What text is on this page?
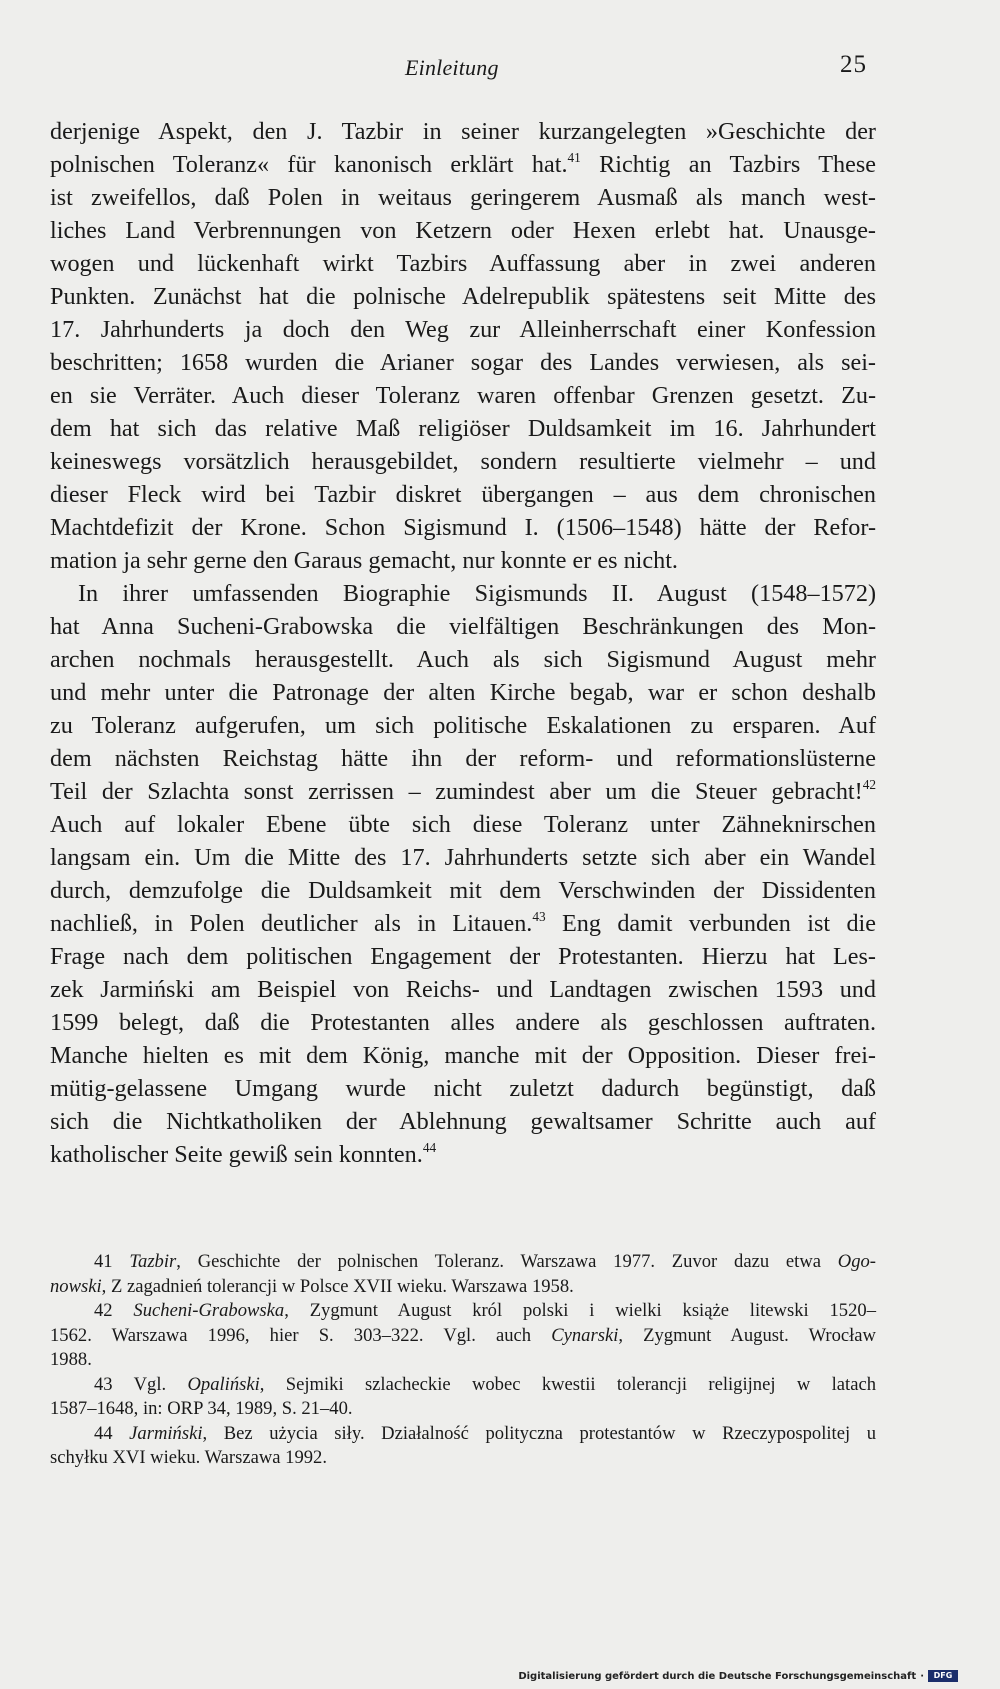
Einleitung	25
derjenige Aspekt, den J. Tazbir in seiner kurzangelegten »Geschichte der
polnischen Toleranz« für kanonisch erklärt hat.$^{41}$ Richtig an Tazbirs These
ist zweifellos, daß Polen in weitaus geringerem Ausmaß als manch west-
liches Land Verbrennungen von Ketzern oder Hexen erlebt hat. Unausge-
wogen und lückenhaft wirkt Tazbirs Auffassung aber in zwei anderen
Punkten. Zunächst hat die polnische Adelrepublik spätestens seit Mitte des
17. Jahrhunderts ja doch den Weg zur Alleinherrschaft einer Konfession
beschritten; 1658 wurden die Arianer sogar des Landes verwiesen, als sei-
en sie Verräter. Auch dieser Toleranz waren offenbar Grenzen gesetzt. Zu-
dem hat sich das relative Maß religiöser Duldsamkeit im 16. Jahrhundert
keineswegs vorsätzlich herausgebildet, sondern resultierte vielmehr – und
dieser Fleck wird bei Tazbir diskret übergangen – aus dem chronischen
Machtdefizit der Krone. Schon Sigismund I. (1506–1548) hätte der Refor-
mation ja sehr gerne den Garaus gemacht, nur konnte er es nicht.
In ihrer umfassenden Biographie Sigismunds II. August (1548–1572)
hat Anna Sucheni-Grabowska die vielfältigen Beschränkungen des Mon-
archen nochmals herausgestellt. Auch als sich Sigismund August mehr
und mehr unter die Patronage der alten Kirche begab, war er schon deshalb
zu Toleranz aufgerufen, um sich politische Eskalationen zu ersparen. Auf
dem nächsten Reichstag hätte ihn der reform- und reformationslüsterne
Teil der Szlachta sonst zerrissen – zumindest aber um die Steuer gebracht!$^{42}$
Auch auf lokaler Ebene übte sich diese Toleranz unter Zähneknirschen
langsam ein. Um die Mitte des 17. Jahrhunderts setzte sich aber ein Wandel
durch, demzufolge die Duldsamkeit mit dem Verschwinden der Dissidenten
nachließ, in Polen deutlicher als in Litauen.$^{43}$ Eng damit verbunden ist die
Frage nach dem politischen Engagement der Protestanten. Hierzu hat Les-
zek Jarmiński am Beispiel von Reichs- und Landtagen zwischen 1593 und
1599 belegt, daß die Protestanten alles andere als geschlossen auftraten.
Manche hielten es mit dem König, manche mit der Opposition. Dieser frei-
mütig-gelassene Umgang wurde nicht zuletzt dadurch begünstigt, daß
sich die Nichtkatholiken der Ablehnung gewaltsamer Schritte auch auf
katholischer Seite gewiß sein konnten.$^{44}$
41 Tazbir, Geschichte der polnischen Toleranz. Warszawa 1977. Zuvor dazu etwa Ogo-
nowski, Z zagadnień tolerancji w Polsce XVII wieku. Warszawa 1958.
42 Sucheni-Grabowska, Zygmunt August król polski i wielki książe litewski 1520–
1562. Warszawa 1996, hier S. 303–322. Vgl. auch Cynarski, Zygmunt August. Wrocław
1988.
43 Vgl. Opaliński, Sejmiki szlacheckie wobec kwestii tolerancji religijnej w latach
1587–1648, in: ORP 34, 1989, S. 21–40.
44 Jarmiński, Bez użycia siły. Działalność polityczna protestantów w Rzeczypospolitej u
schyłku XVI wieku. Warszawa 1992.
Digitalisierung gefördert durch die Deutsche Forschungsgemeinschaft ·	DFG
